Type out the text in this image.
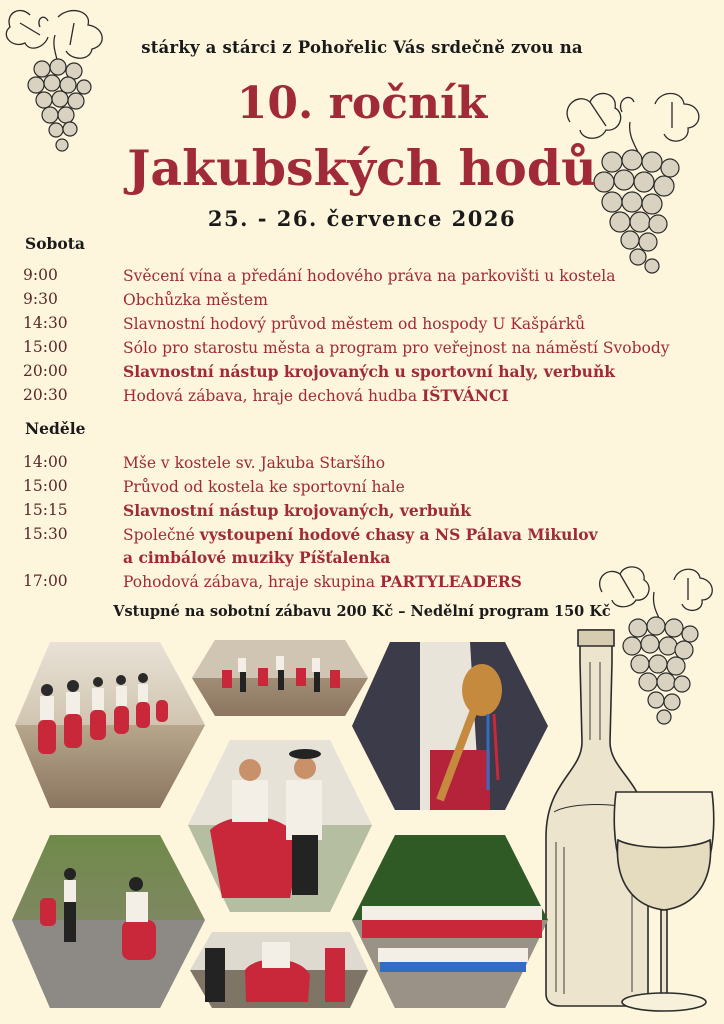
stárky a stárci z Pohořelic Vás srdečně zvou na
10. ročník
Jakubských hodů
25. - 26. července 2026
Sobota
9:00	Svěcení vína a předání hodového práva na parkovišti u kostela
9:30	Obchůzka městem
14:30	Slavnostní hodový průvod městem od hospody U Kašpárků
15:00	Sólo pro starostu města a program pro veřejnost na náměstí Svobody
20:00	Slavnostní nástup krojovaných u sportovní haly, verbuňk
20:30	Hodová zábava, hraje dechová hudba IŠTVÁNCI
Neděle
14:00	Mše v kostele sv. Jakuba Staršího
15:00	Průvod od kostela ke sportovní hale
15:15	Slavnostní nástup krojovaných, verbuňk
15:30	Společné vystoupení hodové chasy a NS Pálava Mikulov
a cimbálové muziky Píšťalenka
17:00	Pohodová zábava, hraje skupina PARTYLEADERS
Vstupné na sobotní zábavu 200 Kč – Nedělní program 150 Kč
